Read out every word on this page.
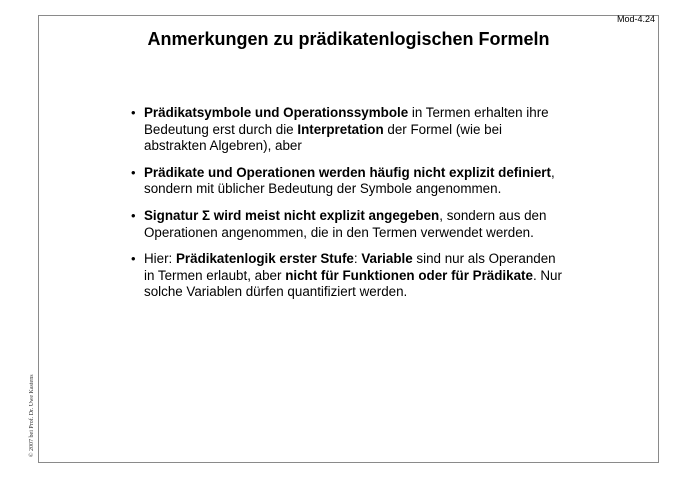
Mod-4.24
Anmerkungen zu prädikatenlogischen Formeln
© 2007 bei Prof. Dr. Uwe Kastens
• Prädikatsymbole und Operationssymbole in Termen erhalten ihre Bedeutung erst durch die Interpretation der Formel (wie bei abstrakten Algebren), aber
• Prädikate und Operationen werden häufig nicht explizit definiert, sondern mit üblicher Bedeutung der Symbole angenommen.
• Signatur Σ wird meist nicht explizit angegeben, sondern aus den Operationen angenommen, die in den Termen verwendet werden.
• Hier: Prädikatenlogik erster Stufe: Variable sind nur als Operanden in Termen erlaubt, aber nicht für Funktionen oder für Prädikate. Nur solche Variablen dürfen quantifiziert werden.
